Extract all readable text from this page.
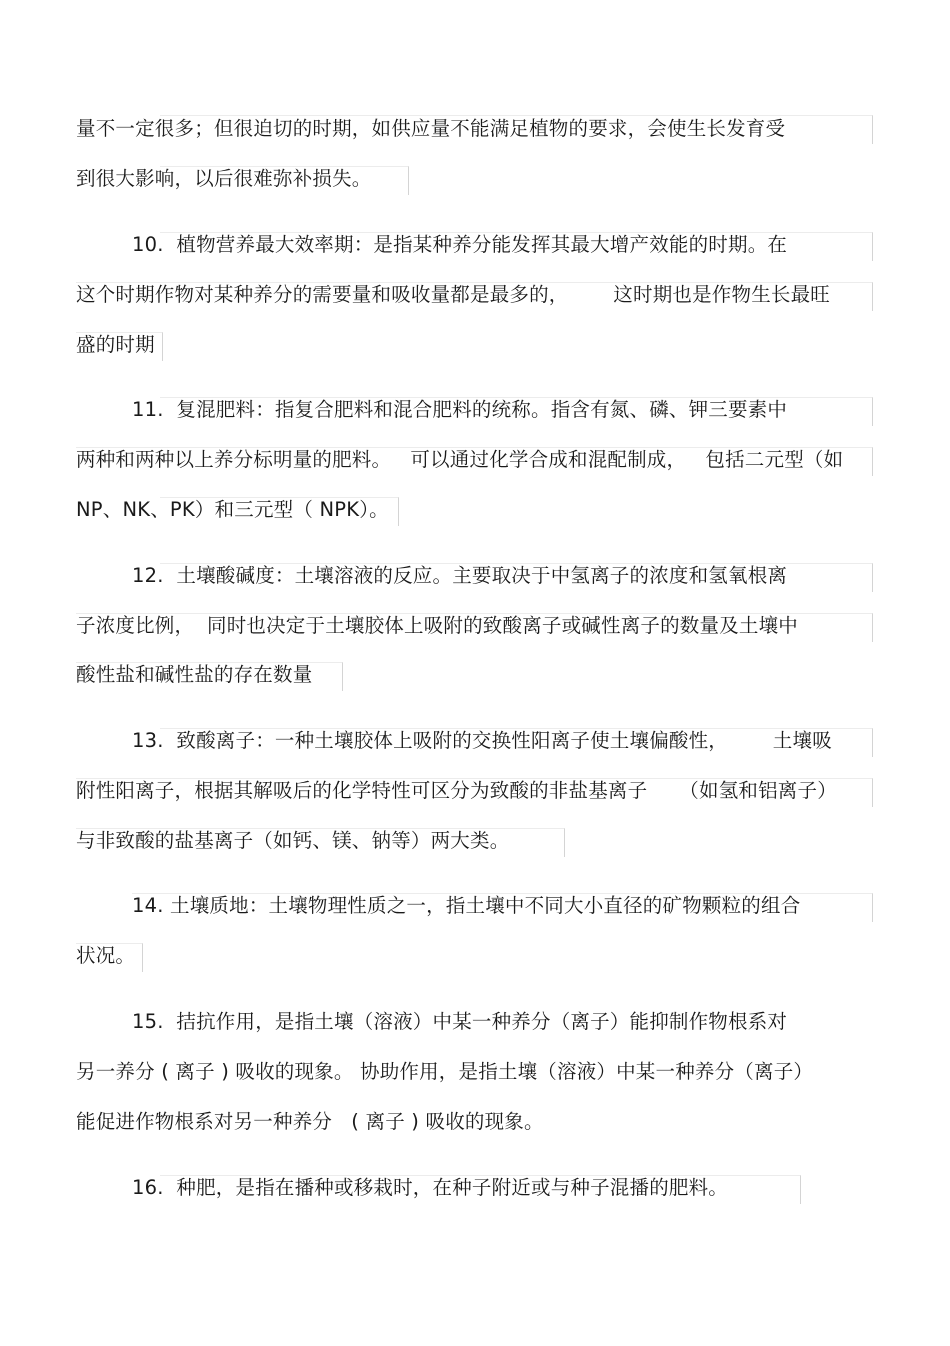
量不一定很多；但很迫切的时期，如供应量不能满足植物的要求，会使生长发育受
到很大影响，以后很难弥补损失。
10.  植物营养最大效率期：是指某种养分能发挥其最大增产效能的时期。在
这个时期作物对某种养分的需要量和吸收量都是最多的，       这时期也是作物生长最旺
盛的时期
11.  复混肥料：指复合肥料和混合肥料的统称。指含有氮、磷、钾三要素中
两种和两种以上养分标明量的肥料。   可以通过化学合成和混配制成，   包括二元型（如
NP、NK、PK）和三元型（ NPK）。
12.  土壤酸碱度：土壤溶液的反应。主要取决于中氢离子的浓度和氢氧根离
子浓度比例，  同时也决定于土壤胶体上吸附的致酸离子或碱性离子的数量及土壤中
酸性盐和碱性盐的存在数量
13.  致酸离子：一种土壤胶体上吸附的交换性阳离子使土壤偏酸性，       土壤吸
附性阳离子，根据其解吸后的化学特性可区分为致酸的非盐基离子     （如氢和铝离子）
与非致酸的盐基离子（如钙、镁、钠等）两大类。
14. 土壤质地：土壤物理性质之一，指土壤中不同大小直径的矿物颗粒的组合
状况。
15.  拮抗作用，是指土壤（溶液）中某一种养分（离子）能抑制作物根系对
另一养分 ( 离子 ) 吸收的现象。 协助作用，是指土壤（溶液）中某一种养分（离子）
能促进作物根系对另一种养分   ( 离子 ) 吸收的现象。
16.  种肥，是指在播种或移栽时，在种子附近或与种子混播的肥料。
